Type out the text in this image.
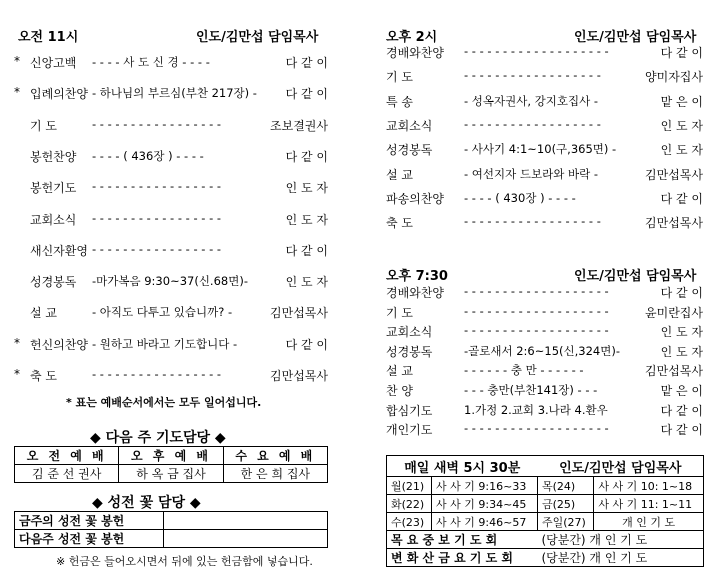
오전 11시	인도/김만섭 담임목사
* 신앙고백 - - - - 사 도 신 경 - - - -	다 같 이
* 입례의찬양 - 하나님의 부르심(부찬 217장) - 다 같 이
기 도	- - - - - - - - - - - - - - - - -	조보결권사
봉헌찬양 - - - - ( 436장 ) - - - -	다 같 이
봉헌기도 - - - - - - - - - - - - - - - - -	인 도 자
교회소식 - - - - - - - - - - - - - - - - -	인 도 자
새신자환영 - - - - - - - - - - - - - - - - -	다 같 이
성경봉독 -마가복음 9:30~37(신.68면)-	인 도 자
설 교	- 아직도 다투고 있습니까? -	김만섭목사
* 헌신의찬양 - 원하고 바라고 기도합니다 -	다 같 이
* 축 도	- - - - - - - - - - - - - - - - -	김만섭목사
* 표는 예배순서에서는 모두 일어섭니다.
◆ 다음 주 기도담당 ◆
오 전 예 배	오 후 예 배	수 요 예 배
김 준 선 권사	하 옥 금 집사	한 은 희 집사
◆ 성전 꽃 담당 ◆
금주의 성전 꽃 봉헌	
다음주 성전 꽃 봉헌	
※ 헌금은 들어오시면서 뒤에 있는 헌금함에 넣습니다.
오후 2시	인도/김만섭 담임목사
경배와찬양 - - - - - - - - - - - - - - - - - - -	다 같 이
기 도	- - - - - - - - - - - - - - - - - -	양미자집사
특 송	- 성옥자권사, 강지호집사 -	맡 은 이
교회소식	- - - - - - - - - - - - - - - - - -	인 도 자
성경봉독	- 사사기 4:1~10(구,365면) -	인 도 자
설 교	- 여선지자 드보라와 바락 -	김만섭목사
파송의찬양 - - - - ( 430장 ) - - - -	다 같 이
축 도	- - - - - - - - - - - - - - - - - -	김만섭목사
오후 7:30	인도/김만섭 담임목사
경배와찬양 - - - - - - - - - - - - - - - - - - -	다 같 이
기 도	- - - - - - - - - - - - - - - - - - -	윤미란집사
교회소식	- - - - - - - - - - - - - - - - - - -	인 도 자
성경봉독	-골로새서 2:6~15(신,324면)-	인 도 자
설 교	- - - - - - 충 만 - - - - - -	김만섭목사
찬 양	- - - 충만(부찬141장) - - -	맡 은 이
합심기도	1.가정 2.교회 3.나라 4.환우	다 같 이
개인기도	- - - - - - - - - - - - - - - - - - -	다 같 이
매일 새벽 5시 30분		인도/김만섭 담임목사	
월(21)	사 사 기 9:16~33	목(24)	사 사 기 10: 1~18
화(22)	사 사 기 9:34~45	금(25)	사 사 기 11: 1~11
수(23)	사 사 기 9:46~57	주일(27)	개 인 기 도
목 요 중 보 기 도 회		(당분간) 개 인 기 도	
변 화 산 금 요 기 도 회		(당분간) 개 인 기 도	
